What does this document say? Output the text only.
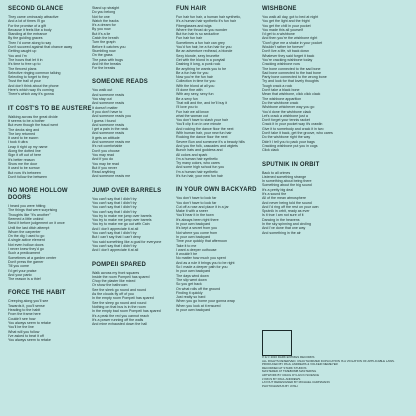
SECOND GLANCE
They came ominously attractive
And a lot of times I'll go
For the promise of a gift
Because it feels like a body
Standing at the entrance
By the guiding graces
Then I'd come along to say
Don't succeed against that chance away
Getting caught up
You and I'm
The hours that let it in
It's time to free up to
The fiercest plans
Selective ringing common talking
Selecting to forget to they
Trust the trail of your
And don't think about the phone
Here's which way it's coming
There's which way it's gonna
IT COST'S TO BE AUSTERE
Walking across the great divide
It seems to be a bother
But even though the fraud went
The decks sing and
The key returned
It used to be sworn
I took it ultra
Leap it right up my name
Along the dotted line
Sign it off out of here
It's better reason
Show me the door
It used to be sorrow
But now it's between
Don't follow the between
NO MORE HOLLOW DOORS
I heard you were hitting
The things that were surprising
Thoughts like "it's another"
Seemed a little unkind
Send it before judgement on it once
Until the last ditch attempt
Whom the carpenter
On the dig I used to go
A single active element
Not even hollow doors
I never knew they'd go
Such a predicament
Sometimes at a garden center
Don't press the garner
Till you come
I'd get your praise
And your panic
The reason is a thief
FORCE THE HABIT
Creeping along you'll see
Towards it, you'll sense
Heading to the habit
From the frame here
Couldn't see how
You always seem to retake
You'll be the line
What will you follow
I've asked to beat it off
You always seem to retake
Stand up straight
Do you belong
Not for one
Watch the tracks
It's a dream for
By you now
But it's a lie
Catch the breath
Turn the graph
Before it catches you
Stumbling now
On the grass
The pass with bugs
And hit the breaks
For the breaks
SOMEONE READS
You walk out
And someone reads
You stay out
And someone reads
It doesn't matter
If you don't have to
And someone reads you
I guess I found
And someone reads
I get a pain in the neck
And someone reads
It gets an attitude
And someone reads me
It's not comfortable
Don't you choose
You may read
And if you do
You may be read
But if you never
Read anything
And someone reads me
JUMP OVER BARRELS
You can't say that I didn't try
You can't say that I didn't try
You can't say that I didn't try
You can't say that I didn't try
You try to make me jump over barrels
You try to make me jump over barrels
You try to make me go out with Cain
And I don't appreciate it at all
You can't say that I didn't try
But I can't say that I can't deny
You said something like a goal for everyone
You can't say that I didn't try
And I don't appreciate it at all
POMPEII SPARED
Walk across my front squares
Inside the room Pompeii has spared
Chop the plaster like mixed
Or show the bathroom
See the sleek go round and round
As the clouds fly off of you
In the empty room Pompeii has spared
See the sleep go round and round
Nothing on that bus is in the room
In the empty bad room Pompeii has spared
It's a peak the red you cannot reach
It's a power running off the walls
And mine exhausted down the hall
FUN HAIR
Fun hair fun hair, a human hair synthetic,
It's a human hair synthetic it's fun hair
Fiberglasses and wigs
Where the thrust do you wonder
But fun hair is so seductive
Fun hair fun hair
Sometimes a fun hair can grey
You'd fun hair, be a fun hair for you
Be an adventure redhead, a blonde
Sexy blonde, sexy brunette
Get with the blond in a ponytail
Dashing it long, a punk rock
Be anything he wants you to be
Be a fun hair for you
Now you're the fun hair
Collection in time for you
With the blond at all you
I'll done fine with
With any sexy, sexy fun
Be a sexy fun
That will and the, and he'll buy it
I'll love you to
Fun hair we all know
what the woman cut
You don't have to slash your hair
You'll clip it on in one minute
And rocking the dance floor the next
With human hair, your new fun hair
Rocking the dance floor the next
Severe Bun and someone it's a beauty hills
And you the folk, cascades and wiglets
Bunch hats and goddess and
All colors and spark
I'm a human hair synthetic
Try many colors, who cares
And some high school fun you
I'm a human hair synthetic
It's fun hair, your new fun hair
IN YOUR OWN BACKYARD
You don't have to look far
You don't have to look far
Cut off a rose and place it in a jar
Make it with a sneer
You'll hear it in the town
It's always been right there
In your own backyard
It's kept a secret from you
Not where you come from
In your own backyard
Time your quickly that afternoon
Take it to me
I want a deeper outhouse
It wouldn't be
No matter how much you spent
And as a rule it brings you to be right
So I made a deeper path for you
In your own backyard
The days wind down
The slip went down
So you get back
On what rolls off the ground
Finding it quickly
Just realty so hard
When you go home your gonna wrap
When you look at it ensured
In your own backyard
WISHBONE
You walk all day, got to bed at night
You get the light and the fright
You get the chill in your pocket
You made this all yourself
I'd get to a wishbone
And then you're the wishbone right
"Don't give me a shake in your pocket
Wouldn't rather be forever"
Don't live a life, sit back down
Whatever they said forget it back
You're cracking wishbone today
Cracking wishbone now
The bone connected to the sad bone
Sad bone connected to the bad bone
Party bone connected to the wrong bone
Try and look for that lovely thoughts
Tough crack a rock
Don't take a black bone
Mean that wishbone, click click clack
The wishbone apparition
Do the wishbone crack
Wishbone whichever way you go
You'd done the wishbone clack
Let's crack a wishbone just a
Don't forget your tennis racket
Crack it in your pocket way it's crawlin
Give it to somebody and crack it in two
Don't take it back, get the groove, who cares
Do the wishbone right the way
Didn't I tell you to pack your bags
Cracking wishbone put you in cogs
Click clack
SPUTNIK IN ORBIT
Back to all crimes
Listened something strange
In something about being there
Something about the big sound
It's a pretty big deal
It's a sound the
All of the mean atmosphere
And never being told the sound
And I'd ring off the rest on your own
Sputnik in orbit, ready as ever
Is it true I am not sure of it
Dancing in the heavens
In the sky spinning and circling
And I've done that one way
And something in the air
℗ & © 2016 DARK ENTRIES RECORDS
ALL RIGHTS RESERVED. UNAUTHORIZED DUPLICATION IS A VIOLATION OF APPLICABLE LAWS.
PRODUCED BY PAUL ANDREWS & VOLKER NIEMEYER
RECORDED AT STARK STUDIOS
MASTERED AT TIMEBOMB MASTERING
ARTWORK BY CRAIG DYLAN IN SCIENCE
LYRICS BY PAUL ANDREWS
LAYOUT REDESIGNED BY MICHAEL CHRISMANN
PHOTOGRAPHS BY JOSH
